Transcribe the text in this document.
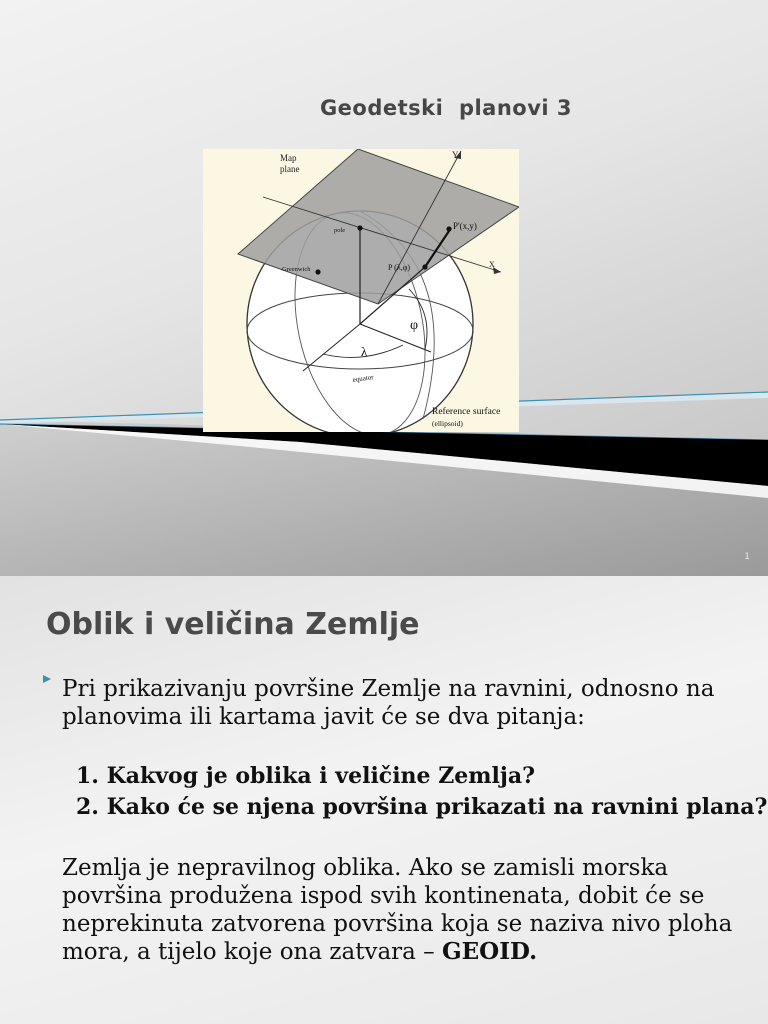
Geodetski  planovi 3
Map
plane
Y
X
P'(x,y)
P (λ,φ)
pole
Greenwich
φ
λ
equator
Reference surface
(ellipsoid)
1
Oblik i veličina Zemlje

Pri prikazivanju površine Zemlje na ravnini, odnosno na planovima ili kartama javit će se dva pitanja:

1. Kakvog je oblika i veličine Zemlja?
2. Kako će se njena površina prikazati na ravnini plana?

Zemlja je nepravilnog oblika. Ako se zamisli morska površina produžena ispod svih kontinenata, dobit će se neprekinuta zatvorena površina koja se naziva nivo ploha mora, a tijelo koje ona zatvara – GEOID.
